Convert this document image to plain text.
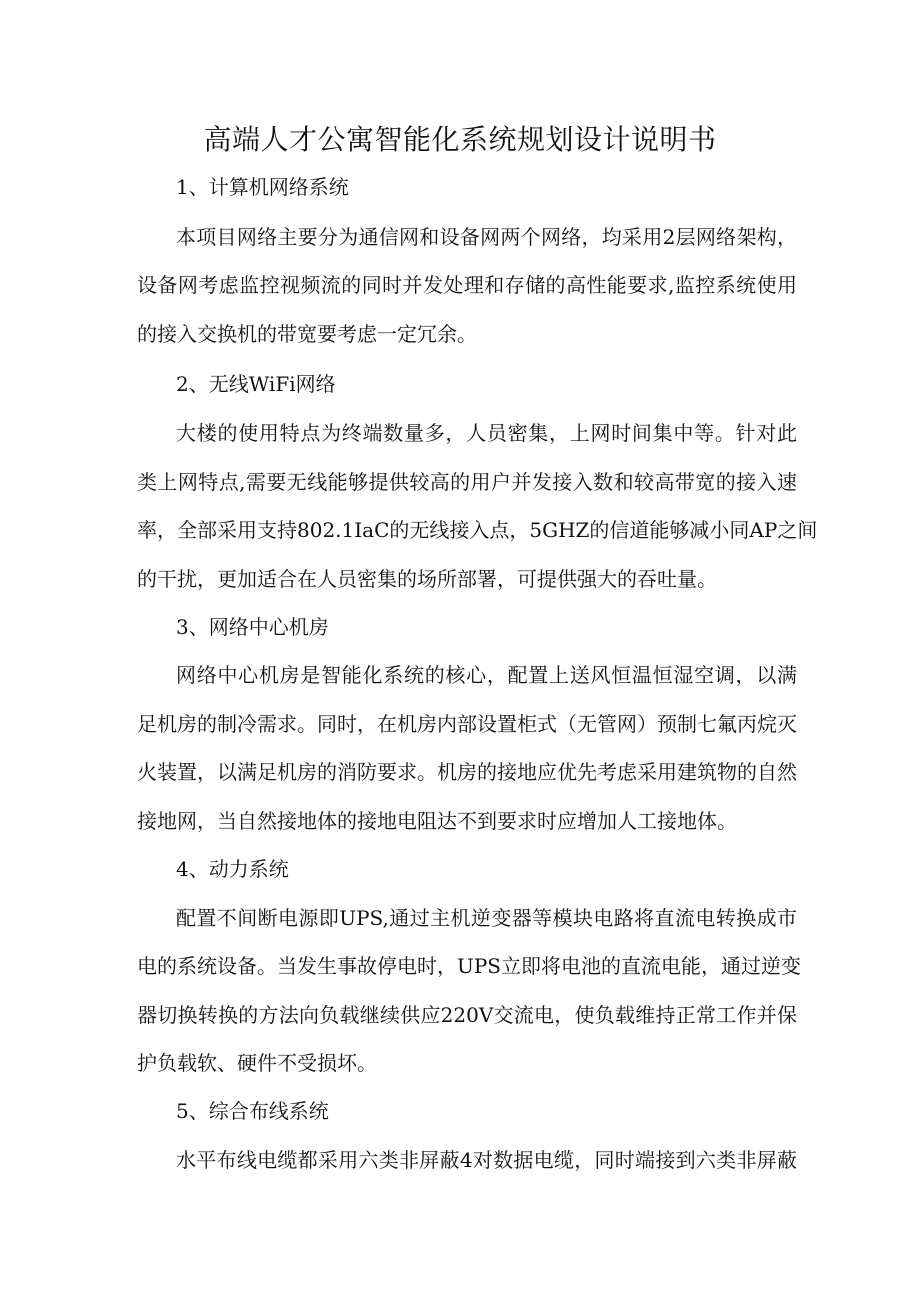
高端人才公寓智能化系统规划设计说明书
1、计算机网络系统
本项目网络主要分为通信网和设备网两个网络，均采用2层网络架构，
设备网考虑监控视频流的同时并发处理和存储的高性能要求,监控系统使用
的接入交换机的带宽要考虑一定冗余。
2、无线WiFi网络
大楼的使用特点为终端数量多，人员密集，上网时间集中等。针对此
类上网特点,需要无线能够提供较高的用户并发接入数和较高带宽的接入速
率，全部采用支持802.1IaC的无线接入点，5GHZ的信道能够减小同AP之间
的干扰，更加适合在人员密集的场所部署，可提供强大的吞吐量。
3、网络中心机房
网络中心机房是智能化系统的核心，配置上送风恒温恒湿空调，以满
足机房的制冷需求。同时，在机房内部设置柜式（无管网）预制七氟丙烷灭
火装置，以满足机房的消防要求。机房的接地应优先考虑采用建筑物的自然
接地网，当自然接地体的接地电阻达不到要求时应增加人工接地体。
4、动力系统
配置不间断电源即UPS,通过主机逆变器等模块电路将直流电转换成市
电的系统设备。当发生事故停电时，UPS立即将电池的直流电能，通过逆变
器切换转换的方法向负载继续供应220V交流电，使负载维持正常工作并保
护负载软、硬件不受损坏。
5、综合布线系统
水平布线电缆都采用六类非屏蔽4对数据电缆，同时端接到六类非屏蔽
